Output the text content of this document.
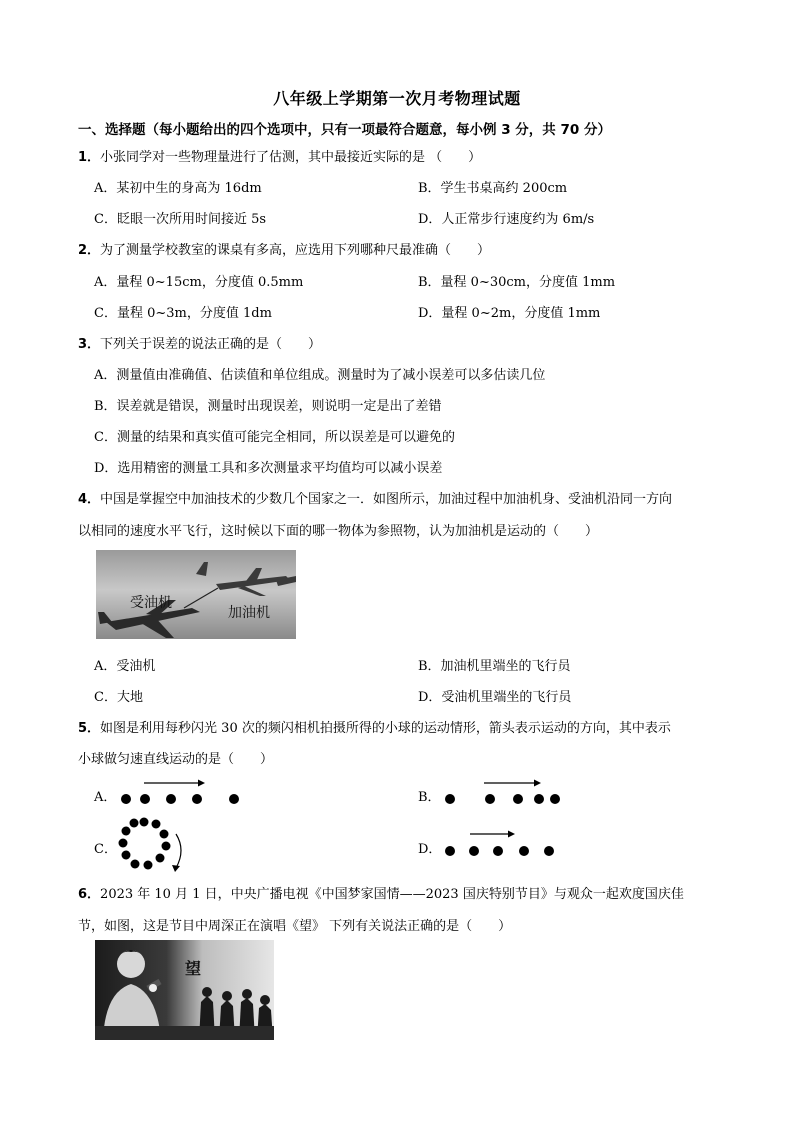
八年级上学期第一次月考物理试题
一、选择题（每小题给出的四个选项中，只有一项最符合题意，每小例 3 分，共 70 分）
1．小张同学对一些物理量进行了估测，其中最接近实际的是 （　　）
A．某初中生的身高为 16dm	B．学生书桌高约 200cm
C．眨眼一次所用时间接近 5s	D．人正常步行速度约为 6m/s
2．为了测量学校教室的课桌有多高，应选用下列哪种尺最准确（　　）
A．量程 0~15cm，分度值 0.5mm	B．量程 0~30cm，分度值 1mm
C．量程 0~3m，分度值 1dm	D．量程 0~2m，分度值 1mm
3．下列关于误差的说法正确的是（　　）
A．测量值由准确值、估读值和单位组成。测量时为了减小误差可以多估读几位
B．误差就是错误，测量时出现误差，则说明一定是出了差错
C．测量的结果和真实值可能完全相同，所以误差是可以避免的
D．选用精密的测量工具和多次测量求平均值均可以减小误差
4．中国是掌握空中加油技术的少数几个国家之一．如图所示，加油过程中加油机身、受油机沿同一方向
以相同的速度水平飞行，这时候以下面的哪一物体为参照物，认为加油机是运动的（　　）
受油机
加油机
A．受油机	B．加油机里端坐的飞行员
C．大地	D．受油机里端坐的飞行员
5．如图是利用每秒闪光 30 次的频闪相机拍摄所得的小球的运动情形，箭头表示运动的方向，其中表示
小球做匀速直线运动的是（　　）
A．	B．
C．	D．
6．2023 年 10 月 1 日，中央广播电视《中国梦家国情——2023 国庆特别节目》与观众一起欢度国庆佳
节，如图，这是节目中周深正在演唱《望》 下列有关说法正确的是（　　）
望
